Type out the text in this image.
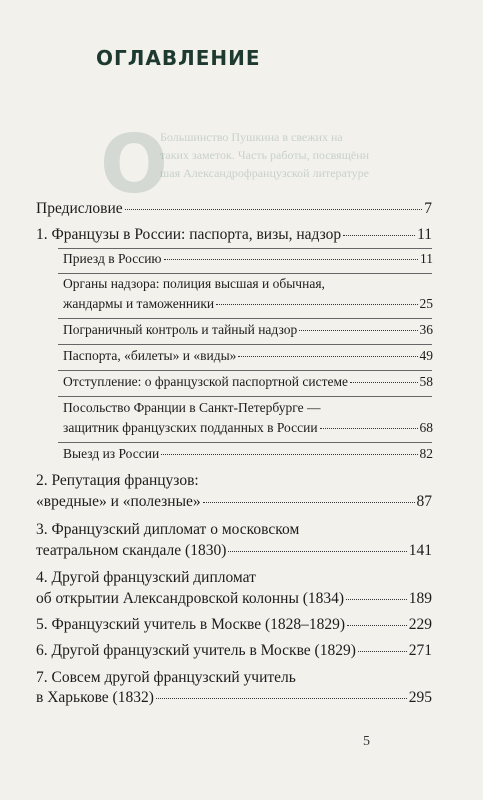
О
Большинство Пушкина в свежих на
таких заметок. Часть работы, посвящённ
шая Александрофранцузской литературе
ОГЛАВЛЕНИЕ
Предисловие	7
1. Французы в России: паспорта, визы, надзор	11
Приезд в Россию	11
Органы надзора: полиция высшая и обычная,
жандармы и таможенники	25
Пограничный контроль и тайный надзор	36
Паспорта, «билеты» и «виды»	49
Отступление: о французской паспортной системе	58
Посольство Франции в Санкт-Петербурге —
защитник французских подданных в России	68
Выезд из России	82
2. Репутация французов:
«вредные» и «полезные»	87
3. Французский дипломат о московском
театральном скандале (1830)	141
4. Другой французский дипломат
об открытии Александровской колонны (1834)	189
5. Французский учитель в Москве (1828–1829)	229
6. Другой французский учитель в Москве (1829)	271
7. Совсем другой французский учитель
в Харькове (1832)	295
5
